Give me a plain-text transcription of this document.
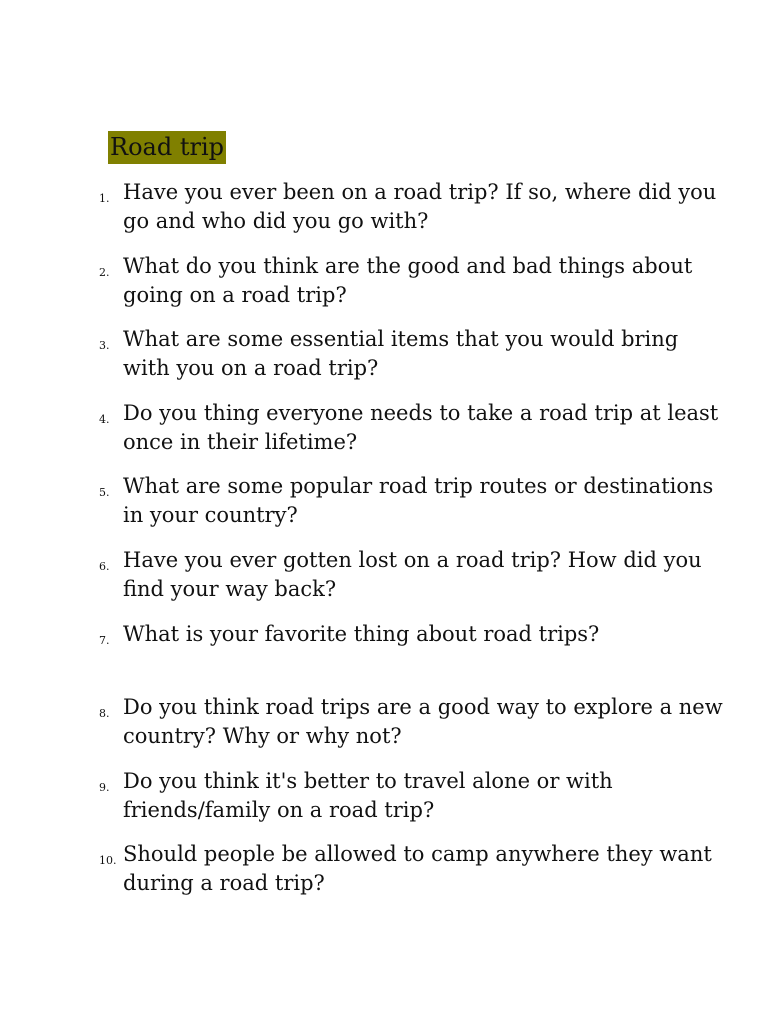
Road trip
1. Have you ever been on a road trip? If so, where did you go and who did you go with?
2. What do you think are the good and bad things about going on a road trip?
3. What are some essential items that you would bring with you on a road trip?
4. Do you thing everyone needs to take a road trip at least once in their lifetime?
5. What are some popular road trip routes or destinations in your country?
6. Have you ever gotten lost on a road trip? How did you find your way back?
7. What is your favorite thing about road trips?
8. Do you think road trips are a good way to explore a new country? Why or why not?
9. Do you think it's better to travel alone or with friends/family on a road trip?
10. Should people be allowed to camp anywhere they want during a road trip?
